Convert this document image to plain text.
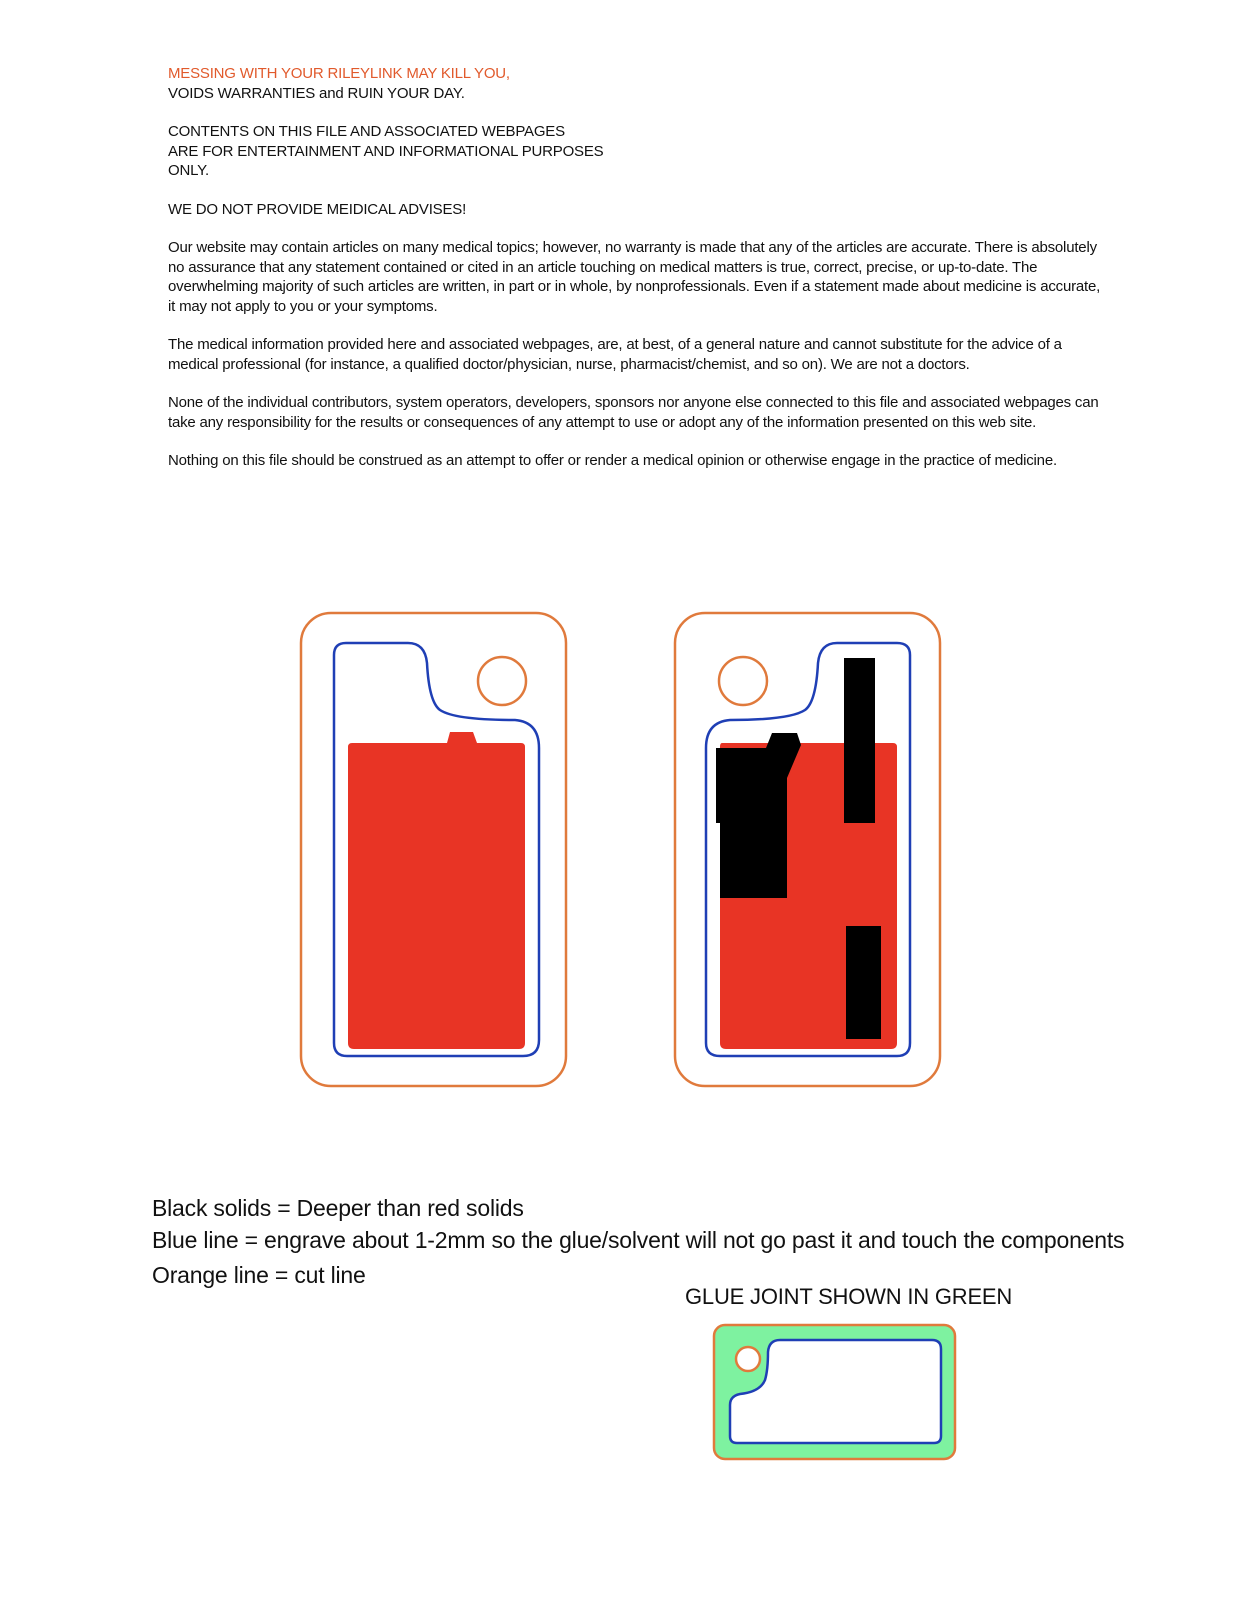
MESSING WITH YOUR RILEYLINK MAY KILL YOU,

VOIDS WARRANTIES and RUIN YOUR DAY.

CONTENTS ON THIS FILE AND ASSOCIATED WEBPAGES
ARE FOR ENTERTAINMENT AND INFORMATIONAL PURPOSES
ONLY.

WE DO NOT PROVIDE MEIDICAL ADVISES!

Our website may contain articles on many medical topics; however, no warranty is made that any of the articles are accurate. There is absolutely no assurance that any statement contained or cited in an article touching on medical matters is true, correct, precise, or up-to-date. The overwhelming majority of such articles are written, in part or in whole, by nonprofessionals. Even if a statement made about medicine is accurate, it may not apply to you or your symptoms.

The medical information provided here and associated webpages, are, at best, of a general nature and cannot substitute for the advice of a medical professional (for instance, a qualified doctor/physician, nurse, pharmacist/chemist, and so on). We are not a doctors.

None of the individual contributors, system operators, developers, sponsors nor anyone else connected to this file and associated webpages can take any responsibility for the results or consequences of any attempt to use or adopt any of the information presented on this web site.

Nothing on this file should be construed as an attempt to offer or render a medical opinion or otherwise engage in the practice of medicine.

Black solids = Deeper than red solids
Blue line = engrave about 1-2mm so the glue/solvent will not go past it and touch the components
Orange line = cut line
GLUE JOINT SHOWN IN GREEN
